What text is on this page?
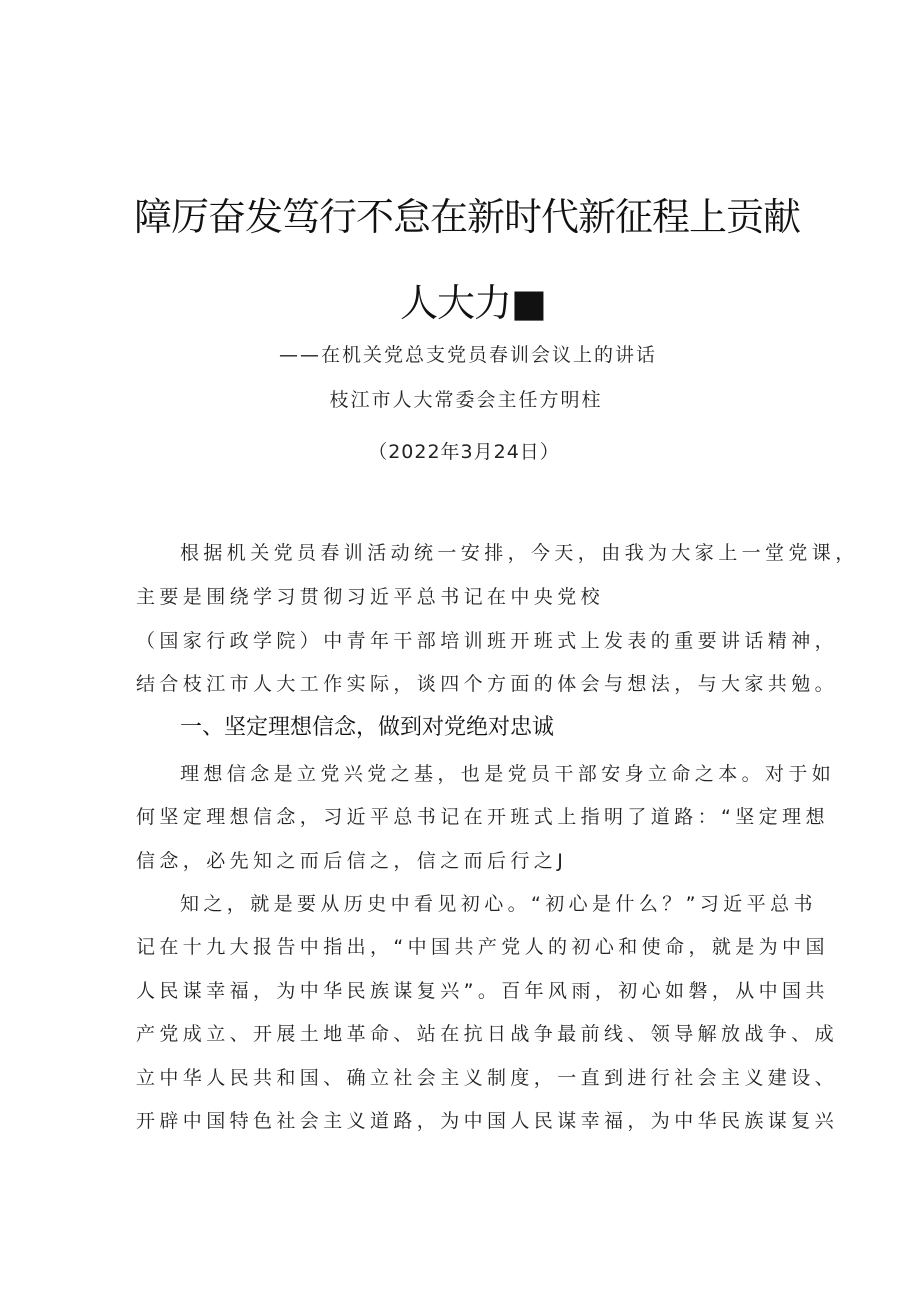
障厉奋发笃行不怠在新时代新征程上贡献
人大力■
——在机关党总支党员春训会议上的讲话
枝江市人大常委会主任方明柱
（2022年3月24日）
根据机关党员春训活动统一安排，今天，由我为大家上一堂党课，
主要是围绕学习贯彻习近平总书记在中央党校
（国家行政学院）中青年干部培训班开班式上发表的重要讲话精神，
结合枝江市人大工作实际，谈四个方面的体会与想法，与大家共勉。
一、坚定理想信念，做到对党绝对忠诚
理想信念是立党兴党之基，也是党员干部安身立命之本。对于如
何坚定理想信念，习近平总书记在开班式上指明了道路：“坚定理想
信念，必先知之而后信之，信之而后行之J
知之，就是要从历史中看见初心。“初心是什么？”习近平总书
记在十九大报告中指出，“中国共产党人的初心和使命，就是为中国
人民谋幸福，为中华民族谋复兴”。百年风雨，初心如磐，从中国共
产党成立、开展土地革命、站在抗日战争最前线、领导解放战争、成
立中华人民共和国、确立社会主义制度，一直到进行社会主义建设、
开辟中国特色社会主义道路，为中国人民谋幸福，为中华民族谋复兴
